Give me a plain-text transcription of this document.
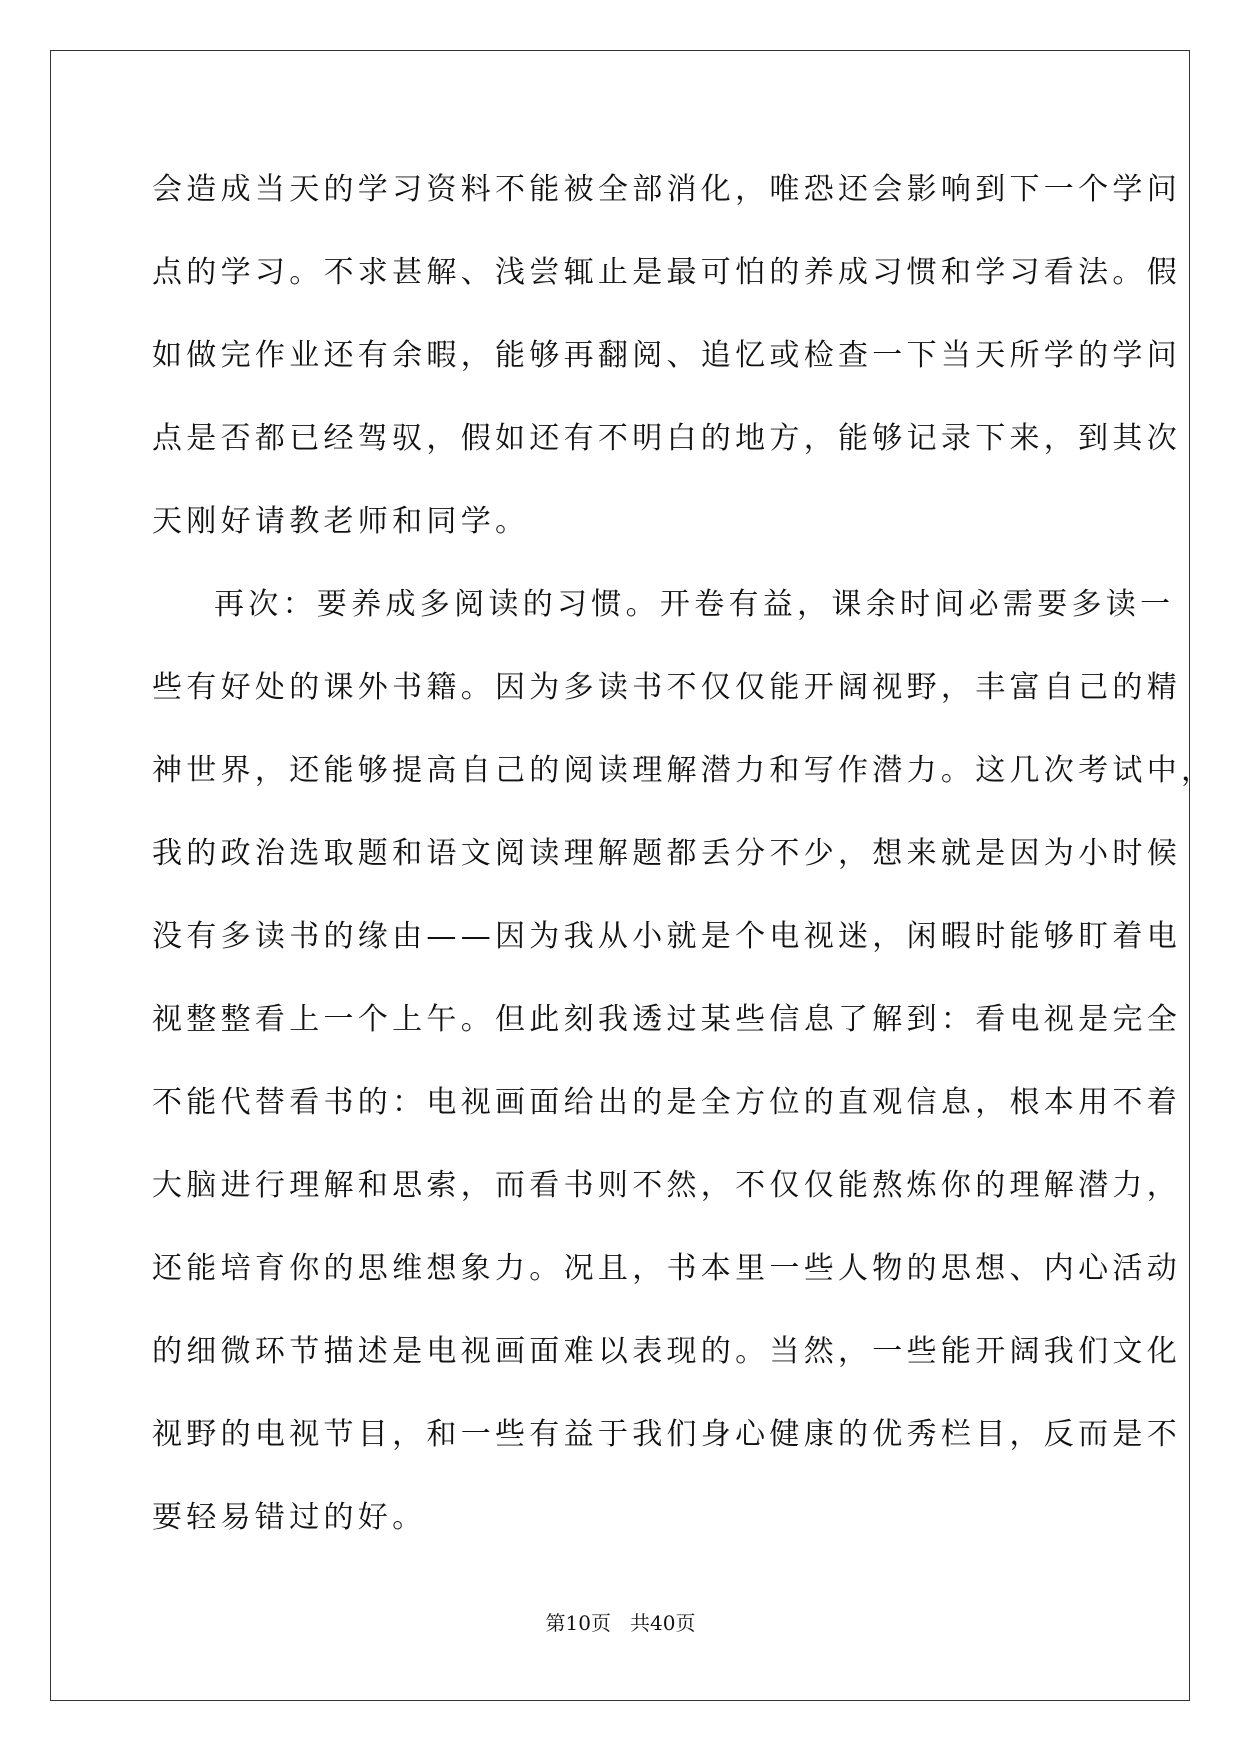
会造成当天的学习资料不能被全部消化，唯恐还会影响到下一个学问
点的学习。不求甚解、浅尝辄止是最可怕的养成习惯和学习看法。假
如做完作业还有余暇，能够再翻阅、追忆或检查一下当天所学的学问
点是否都已经驾驭，假如还有不明白的地方，能够记录下来，到其次
天刚好请教老师和同学。
再次：要养成多阅读的习惯。开卷有益，课余时间必需要多读一
些有好处的课外书籍。因为多读书不仅仅能开阔视野，丰富自己的精
神世界，还能够提高自己的阅读理解潜力和写作潜力。这几次考试中，
我的政治选取题和语文阅读理解题都丢分不少，想来就是因为小时候
没有多读书的缘由——因为我从小就是个电视迷，闲暇时能够盯着电
视整整看上一个上午。但此刻我透过某些信息了解到：看电视是完全
不能代替看书的：电视画面给出的是全方位的直观信息，根本用不着
大脑进行理解和思索，而看书则不然，不仅仅能熬炼你的理解潜力，
还能培育你的思维想象力。况且，书本里一些人物的思想、内心活动
的细微环节描述是电视画面难以表现的。当然，一些能开阔我们文化
视野的电视节目，和一些有益于我们身心健康的优秀栏目，反而是不
要轻易错过的好。
第10页   共40页
